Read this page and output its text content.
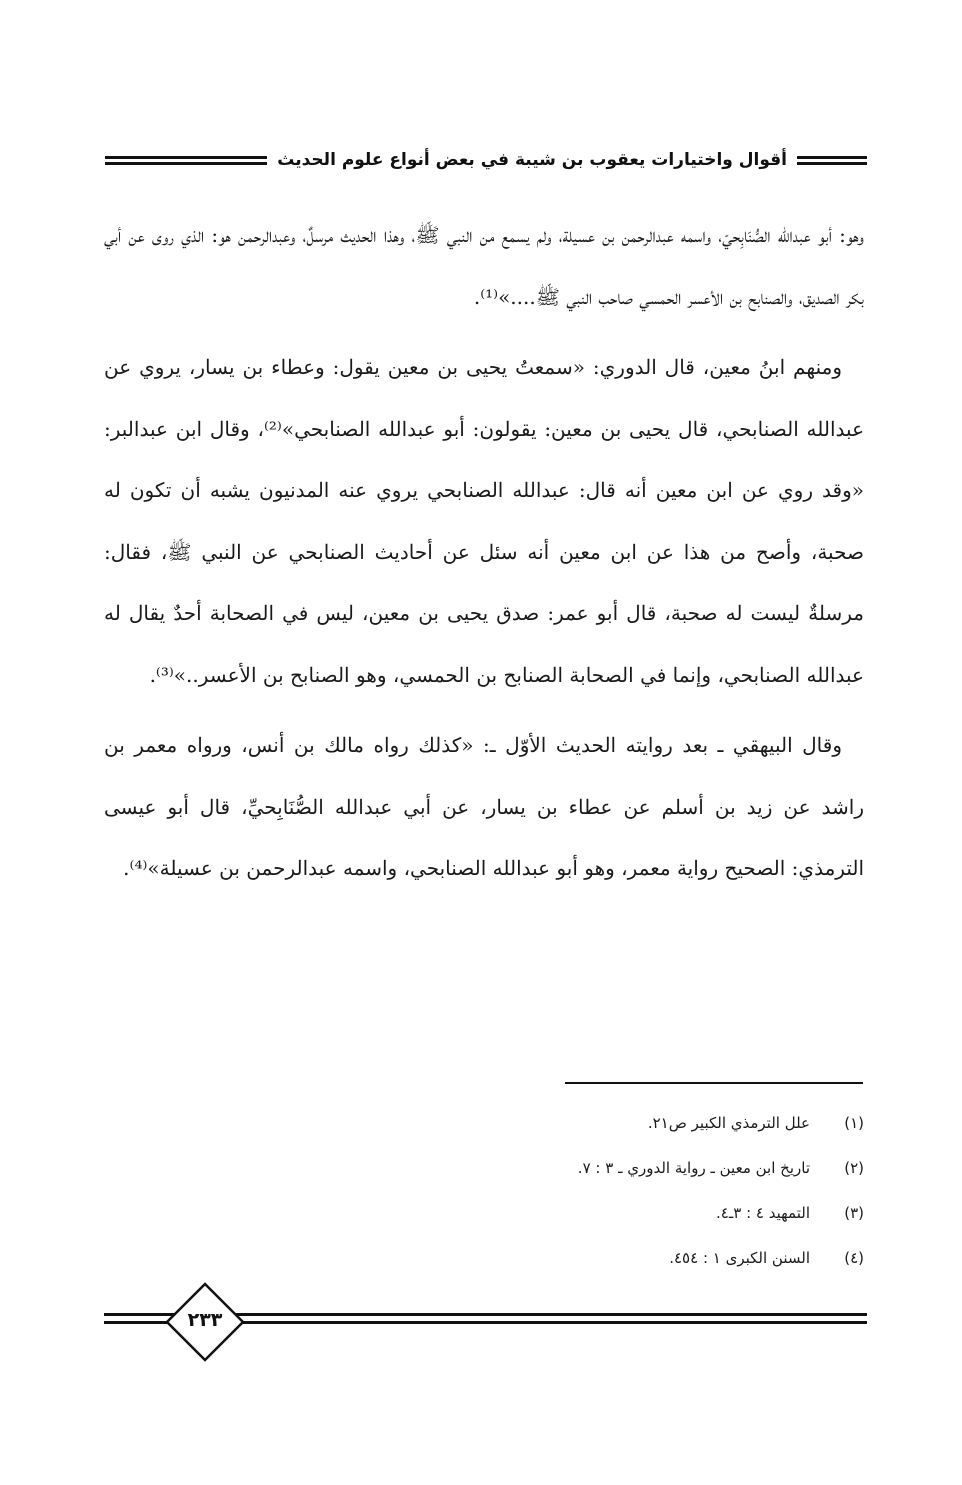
أقوال واختيارات يعقوب بن شيبة في بعض أنواع علوم الحديث

وهو: أبو عبدالله الصُّنَابِحيّ، واسمه عبدالرحمن بن عسيلة، ولم يسمع من النبي ﷺ، وهذا الحديث مرسلٌ، وعبدالرحمن هو: الذي روى عن أبي بكر الصديق، والصنابح بن الأعسر الحمسي صاحب النبي ﷺ....»⁽¹⁾.

ومنهم ابنُ معين، قال الدوري: «سمعتُ يحيى بن معين يقول: وعطاء بن يسار، يروي عن عبدالله الصنابحي، قال يحيى بن معين: يقولون: أبو عبدالله الصنابحي»⁽²⁾، وقال ابن عبدالبر: «وقد روي عن ابن معين أنه قال: عبدالله الصنابحي يروي عنه المدنيون يشبه أن تكون له صحبة، وأصح من هذا عن ابن معين أنه سئل عن أحاديث الصنابحي عن النبي ﷺ، فقال: مرسلةٌ ليست له صحبة، قال أبو عمر: صدق يحيى بن معين، ليس في الصحابة أحدٌ يقال له عبدالله الصنابحي، وإنما في الصحابة الصنابح بن الحمسي، وهو الصنابح بن الأعسر..»⁽³⁾.

وقال البيهقي ـ بعد روايته الحديث الأوّل ـ: «كذلك رواه مالك بن أنس، ورواه معمر بن راشد عن زيد بن أسلم عن عطاء بن يسار، عن أبي عبدالله الصُّنَابِحيِّ، قال أبو عيسى الترمذي: الصحيح رواية معمر، وهو أبو عبدالله الصنابحي، واسمه عبدالرحمن بن عسيلة»⁽⁴⁾.

(١)
علل الترمذي الكبير ص٢١.
(٢)
تاريخ ابن معين ـ رواية الدوري ـ ٣ : ٧.
(٣)
التمهيد ٤ : ٣ـ٤.
(٤)
السنن الكبرى ١ : ٤٥٤.
٢٣٣
